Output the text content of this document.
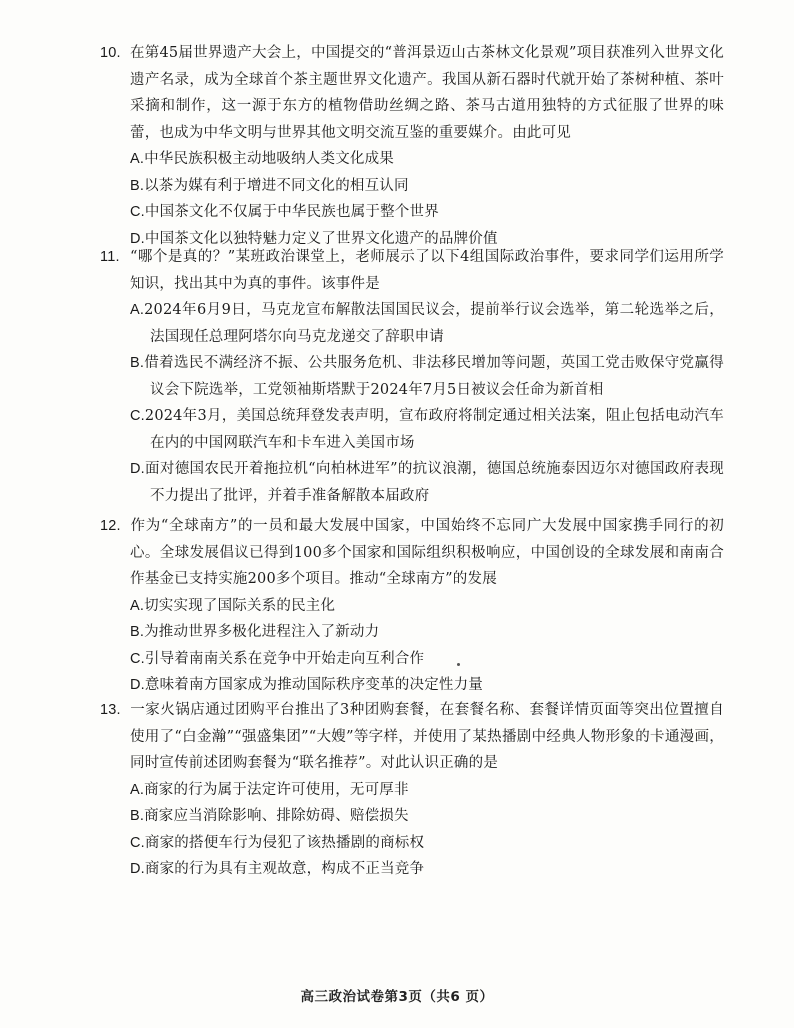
10. 在第45届世界遗产大会上，中国提交的“普洱景迈山古茶林文化景观”项目获准列入世界文化遗产名录，成为全球首个茶主题世界文化遗产。我国从新石器时代就开始了茶树种植、茶叶采摘和制作，这一源于东方的植物借助丝绸之路、茶马古道用独特的方式征服了世界的味蕾，也成为中华文明与世界其他文明交流互鉴的重要媒介。由此可见
A.中华民族积极主动地吸纳人类文化成果
B.以茶为媒有利于增进不同文化的相互认同
C.中国茶文化不仅属于中华民族也属于整个世界
D.中国茶文化以独特魅力定义了世界文化遗产的品牌价值
11. “哪个是真的？”某班政治课堂上，老师展示了以下4组国际政治事件，要求同学们运用所学知识，找出其中为真的事件。该事件是
A.2024年6月9日，马克龙宣布解散法国国民议会，提前举行议会选举，第二轮选举之后，法国现任总理阿塔尔向马克龙递交了辞职申请
B.借着选民不满经济不振、公共服务危机、非法移民增加等问题，英国工党击败保守党赢得议会下院选举，工党领袖斯塔默于2024年7月5日被议会任命为新首相
C.2024年3月，美国总统拜登发表声明，宣布政府将制定通过相关法案，阻止包括电动汽车在内的中国网联汽车和卡车进入美国市场
D.面对德国农民开着拖拉机“向柏林进军”的抗议浪潮，德国总统施泰因迈尔对德国政府表现不力提出了批评，并着手准备解散本届政府
12. 作为“全球南方”的一员和最大发展中国家，中国始终不忘同广大发展中国家携手同行的初心。全球发展倡议已得到100多个国家和国际组织积极响应，中国创设的全球发展和南南合作基金已支持实施200多个项目。推动“全球南方”的发展
A.切实实现了国际关系的民主化
B.为推动世界多极化进程注入了新动力
C.引导着南南关系在竞争中开始走向互利合作
D.意味着南方国家成为推动国际秩序变革的决定性力量
13. 一家火锅店通过团购平台推出了3种团购套餐，在套餐名称、套餐详情页面等突出位置擅自使用了“白金瀚”“强盛集团”“大嫂”等字样，并使用了某热播剧中经典人物形象的卡通漫画，同时宣传前述团购套餐为“联名推荐”。对此认识正确的是
A.商家的行为属于法定许可使用，无可厚非
B.商家应当消除影响、排除妨碍、赔偿损失
C.商家的搭便车行为侵犯了该热播剧的商标权
D.商家的行为具有主观故意，构成不正当竞争
高三政治试卷第3页（共6 页）
